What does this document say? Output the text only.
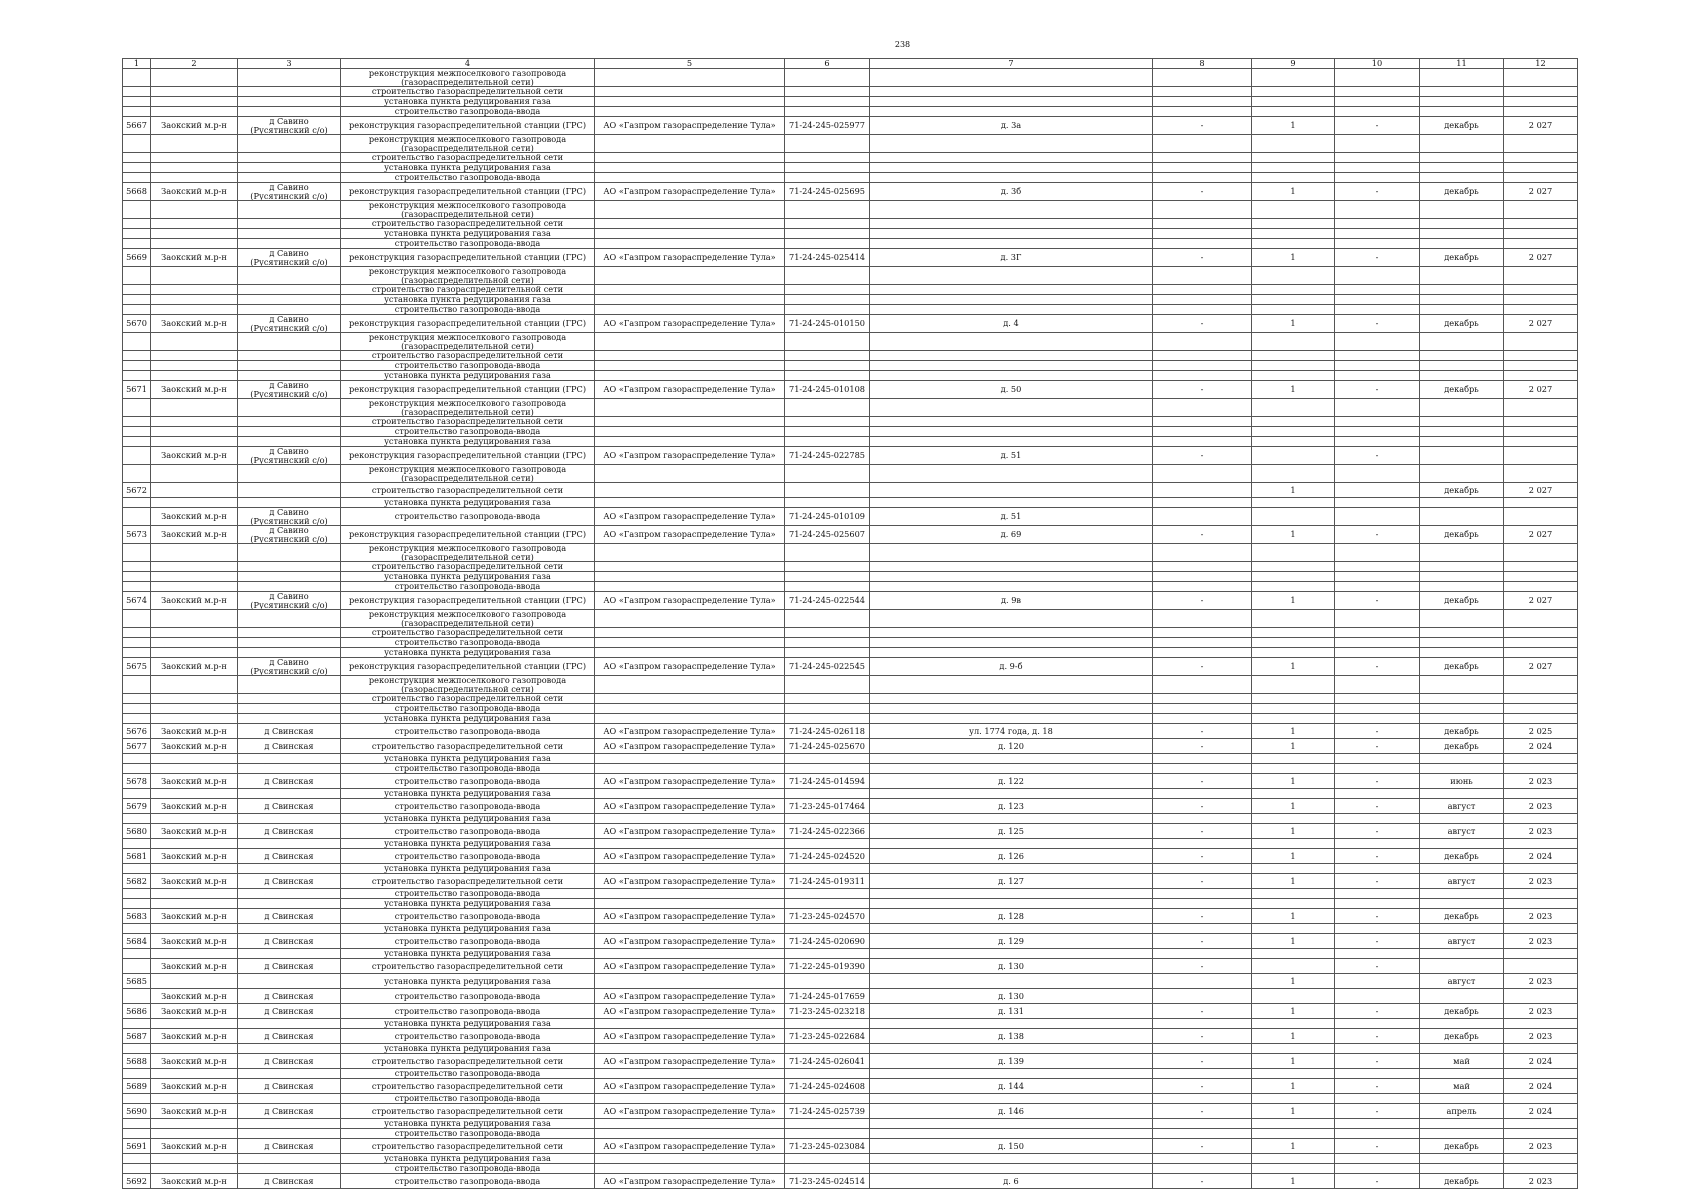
238
1	2	3	4	5	6	7	8	9	10	11	12
			реконструкция межпоселкового газопровода (газораспределительной сети)								
			строительство газораспределительной сети								
			установка пункта редуцирования газа								
			строительство газопровода-ввода								
5667	Заокский м.р-н	д Савино (Русятинский с/о)	реконструкция газораспределительной станции (ГРС)	АО «Газпром газораспределение Тула»	71-24-245-025977	д. 3а	-	1	-	декабрь	2 027
			реконструкция межпоселкового газопровода (газораспределительной сети)								
			строительство газораспределительной сети								
			установка пункта редуцирования газа								
			строительство газопровода-ввода								
5668	Заокский м.р-н	д Савино (Русятинский с/о)	реконструкция газораспределительной станции (ГРС)	АО «Газпром газораспределение Тула»	71-24-245-025695	д. 3б	-	1	-	декабрь	2 027
			реконструкция межпоселкового газопровода (газораспределительной сети)								
			строительство газораспределительной сети								
			установка пункта редуцирования газа								
			строительство газопровода-ввода								
5669	Заокский м.р-н	д Савино (Русятинский с/о)	реконструкция газораспределительной станции (ГРС)	АО «Газпром газораспределение Тула»	71-24-245-025414	д. 3Г	-	1	-	декабрь	2 027
			реконструкция межпоселкового газопровода (газораспределительной сети)								
			строительство газораспределительной сети								
			установка пункта редуцирования газа								
			строительство газопровода-ввода								
5670	Заокский м.р-н	д Савино (Русятинский с/о)	реконструкция газораспределительной станции (ГРС)	АО «Газпром газораспределение Тула»	71-24-245-010150	д. 4	-	1	-	декабрь	2 027
			реконструкция межпоселкового газопровода (газораспределительной сети)								
			строительство газораспределительной сети								
			строительство газопровода-ввода								
			установка пункта редуцирования газа								
5671	Заокский м.р-н	д Савино (Русятинский с/о)	реконструкция газораспределительной станции (ГРС)	АО «Газпром газораспределение Тула»	71-24-245-010108	д. 50	-	1	-	декабрь	2 027
			реконструкция межпоселкового газопровода (газораспределительной сети)								
			строительство газораспределительной сети								
			строительство газопровода-ввода								
			установка пункта редуцирования газа								
	Заокский м.р-н	д Савино (Русятинский с/о)	реконструкция газораспределительной станции (ГРС)	АО «Газпром газораспределение Тула»	71-24-245-022785	д. 51	-		-		
			реконструкция межпоселкового газопровода (газораспределительной сети)								
5672			строительство газораспределительной сети					1		декабрь	2 027
			установка пункта редуцирования газа								
	Заокский м.р-н	д Савино (Русятинский с/о)	строительство газопровода-ввода	АО «Газпром газораспределение Тула»	71-24-245-010109	д. 51					
5673	Заокский м.р-н	д Савино (Русятинский с/о)	реконструкция газораспределительной станции (ГРС)	АО «Газпром газораспределение Тула»	71-24-245-025607	д. 69	-	1	-	декабрь	2 027
			реконструкция межпоселкового газопровода (газораспределительной сети)								
			строительство газораспределительной сети								
			установка пункта редуцирования газа								
			строительство газопровода-ввода								
5674	Заокский м.р-н	д Савино (Русятинский с/о)	реконструкция газораспределительной станции (ГРС)	АО «Газпром газораспределение Тула»	71-24-245-022544	д. 9в	-	1	-	декабрь	2 027
			реконструкция межпоселкового газопровода (газораспределительной сети)								
			строительство газораспределительной сети								
			строительство газопровода-ввода								
			установка пункта редуцирования газа								
5675	Заокский м.р-н	д Савино (Русятинский с/о)	реконструкция газораспределительной станции (ГРС)	АО «Газпром газораспределение Тула»	71-24-245-022545	д. 9-б	-	1	-	декабрь	2 027
			реконструкция межпоселкового газопровода (газораспределительной сети)								
			строительство газораспределительной сети								
			строительство газопровода-ввода								
			установка пункта редуцирования газа								
5676	Заокский м.р-н	д Свинская	строительство газопровода-ввода	АО «Газпром газораспределение Тула»	71-24-245-026118	ул. 1774 года, д. 18	-	1	-	декабрь	2 025
5677	Заокский м.р-н	д Свинская	строительство газораспределительной сети	АО «Газпром газораспределение Тула»	71-24-245-025670	д. 120	-	1	-	декабрь	2 024
			установка пункта редуцирования газа								
			строительство газопровода-ввода								
5678	Заокский м.р-н	д Свинская	строительство газопровода-ввода	АО «Газпром газораспределение Тула»	71-24-245-014594	д. 122	-	1	-	июнь	2 023
			установка пункта редуцирования газа								
5679	Заокский м.р-н	д Свинская	строительство газопровода-ввода	АО «Газпром газораспределение Тула»	71-23-245-017464	д. 123	-	1	-	август	2 023
			установка пункта редуцирования газа								
5680	Заокский м.р-н	д Свинская	строительство газопровода-ввода	АО «Газпром газораспределение Тула»	71-24-245-022366	д. 125	-	1	-	август	2 023
			установка пункта редуцирования газа								
5681	Заокский м.р-н	д Свинская	строительство газопровода-ввода	АО «Газпром газораспределение Тула»	71-24-245-024520	д. 126	-	1	-	декабрь	2 024
			установка пункта редуцирования газа								
5682	Заокский м.р-н	д Свинская	строительство газораспределительной сети	АО «Газпром газораспределение Тула»	71-24-245-019311	д. 127	-	1	-	август	2 023
			строительство газопровода-ввода								
			установка пункта редуцирования газа								
5683	Заокский м.р-н	д Свинская	строительство газопровода-ввода	АО «Газпром газораспределение Тула»	71-23-245-024570	д. 128	-	1	-	декабрь	2 023
			установка пункта редуцирования газа								
5684	Заокский м.р-н	д Свинская	строительство газопровода-ввода	АО «Газпром газораспределение Тула»	71-24-245-020690	д. 129	-	1	-	август	2 023
			установка пункта редуцирования газа								
	Заокский м.р-н	д Свинская	строительство газораспределительной сети	АО «Газпром газораспределение Тула»	71-22-245-019390	д. 130	-		-		
5685			установка пункта редуцирования газа					1		август	2 023
	Заокский м.р-н	д Свинская	строительство газопровода-ввода	АО «Газпром газораспределение Тула»	71-24-245-017659	д. 130					
5686	Заокский м.р-н	д Свинская	строительство газопровода-ввода	АО «Газпром газораспределение Тула»	71-23-245-023218	д. 131	-	1	-	декабрь	2 023
			установка пункта редуцирования газа								
5687	Заокский м.р-н	д Свинская	строительство газопровода-ввода	АО «Газпром газораспределение Тула»	71-23-245-022684	д. 138	-	1	-	декабрь	2 023
			установка пункта редуцирования газа								
5688	Заокский м.р-н	д Свинская	строительство газораспределительной сети	АО «Газпром газораспределение Тула»	71-24-245-026041	д. 139	-	1	-	май	2 024
			строительство газопровода-ввода								
5689	Заокский м.р-н	д Свинская	строительство газораспределительной сети	АО «Газпром газораспределение Тула»	71-24-245-024608	д. 144	-	1	-	май	2 024
			строительство газопровода-ввода								
5690	Заокский м.р-н	д Свинская	строительство газораспределительной сети	АО «Газпром газораспределение Тула»	71-24-245-025739	д. 146	-	1	-	апрель	2 024
			установка пункта редуцирования газа								
			строительство газопровода-ввода								
5691	Заокский м.р-н	д Свинская	строительство газораспределительной сети	АО «Газпром газораспределение Тула»	71-23-245-023084	д. 150	-	1	-	декабрь	2 023
			установка пункта редуцирования газа								
			строительство газопровода-ввода								
5692	Заокский м.р-н	д Свинская	строительство газопровода-ввода	АО «Газпром газораспределение Тула»	71-23-245-024514	д. 6	-	1	-	декабрь	2 023
